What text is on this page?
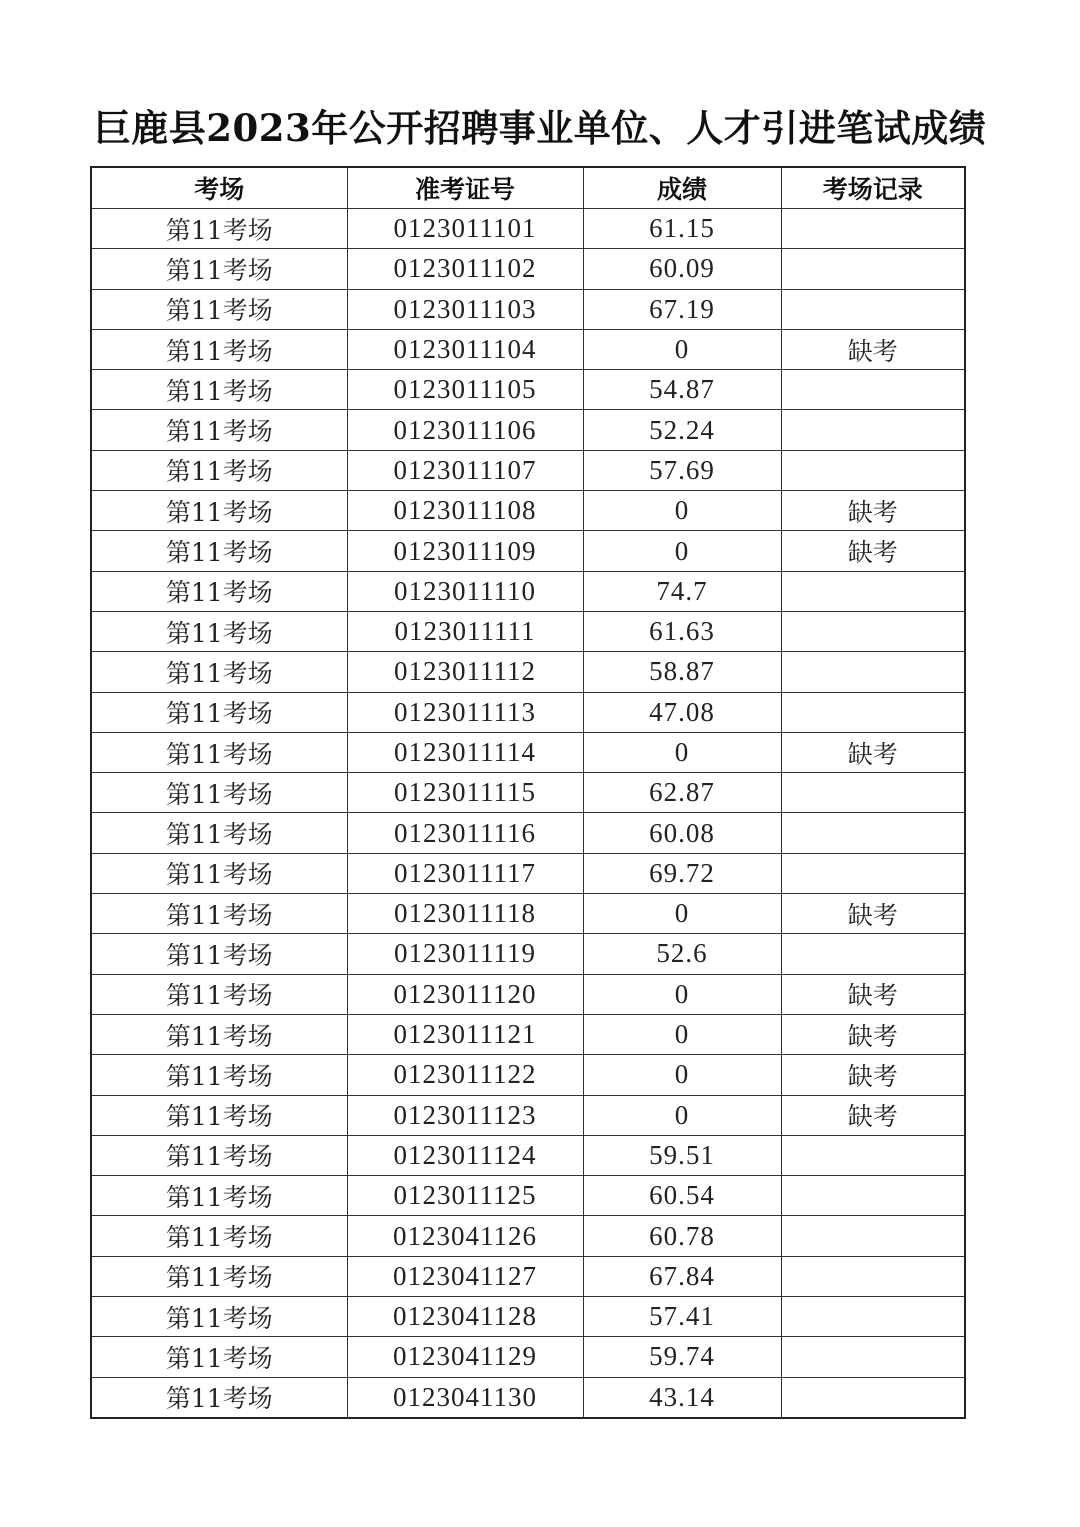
巨鹿县2023年公开招聘事业单位、人才引进笔试成绩
考场	准考证号	成绩	考场记录
第11考场	0123011101	61.15	
第11考场	0123011102	60.09	
第11考场	0123011103	67.19	
第11考场	0123011104	0	缺考
第11考场	0123011105	54.87	
第11考场	0123011106	52.24	
第11考场	0123011107	57.69	
第11考场	0123011108	0	缺考
第11考场	0123011109	0	缺考
第11考场	0123011110	74.7	
第11考场	0123011111	61.63	
第11考场	0123011112	58.87	
第11考场	0123011113	47.08	
第11考场	0123011114	0	缺考
第11考场	0123011115	62.87	
第11考场	0123011116	60.08	
第11考场	0123011117	69.72	
第11考场	0123011118	0	缺考
第11考场	0123011119	52.6	
第11考场	0123011120	0	缺考
第11考场	0123011121	0	缺考
第11考场	0123011122	0	缺考
第11考场	0123011123	0	缺考
第11考场	0123011124	59.51	
第11考场	0123011125	60.54	
第11考场	0123041126	60.78	
第11考场	0123041127	67.84	
第11考场	0123041128	57.41	
第11考场	0123041129	59.74	
第11考场	0123041130	43.14	
